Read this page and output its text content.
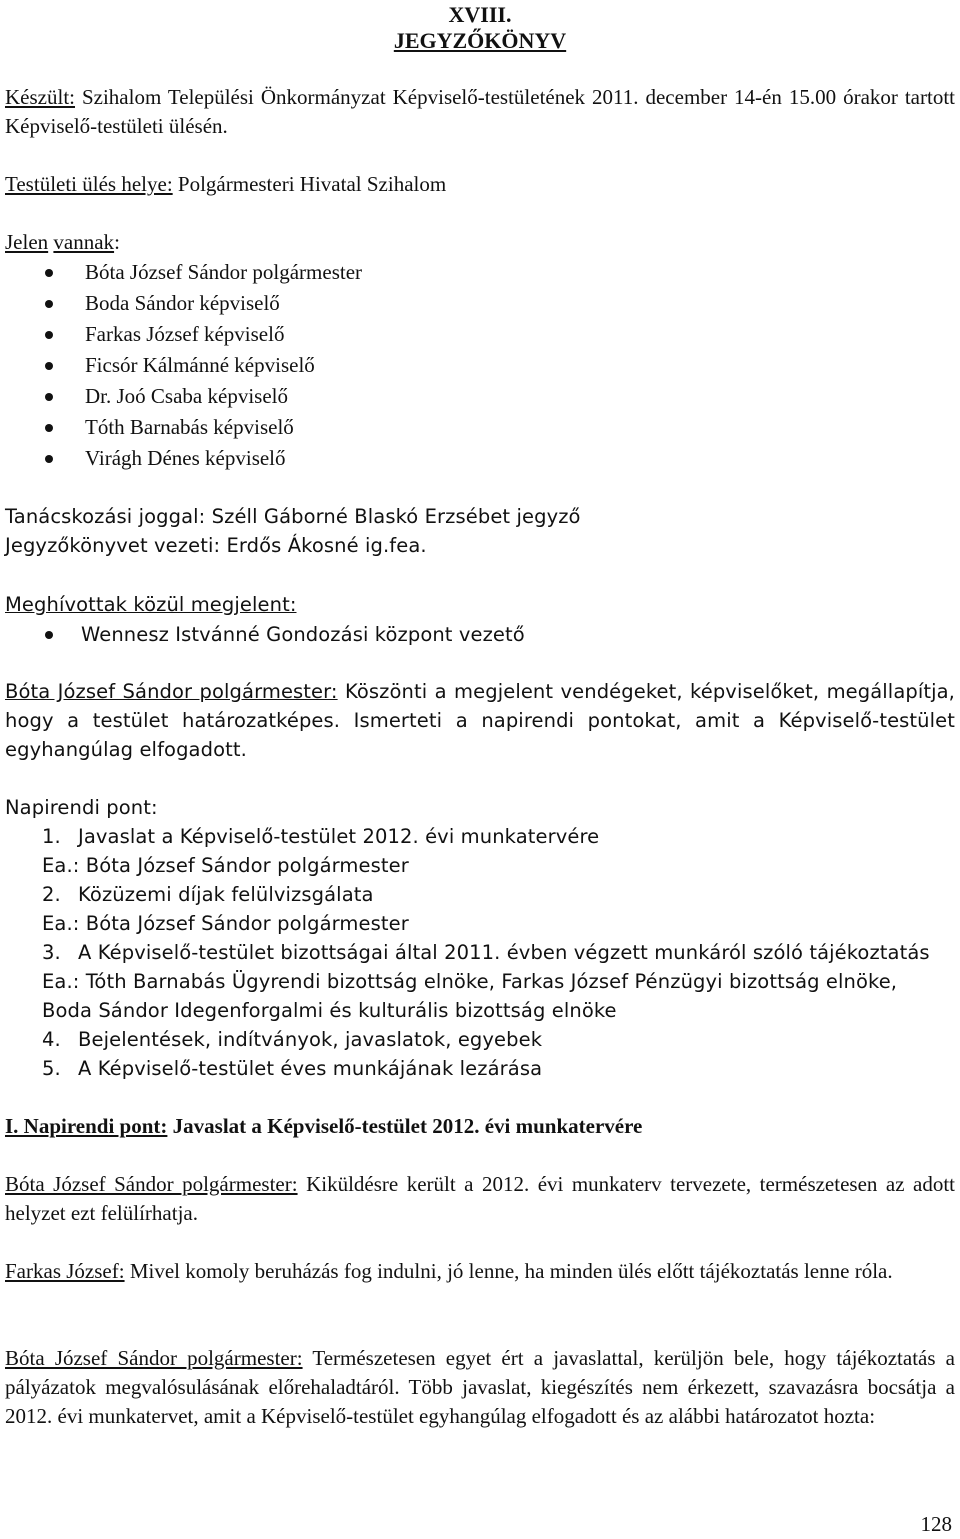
XVIII.
JEGYZŐKÖNYV
Készült: Szihalom Települési Önkormányzat Képviselő-testületének 2011. december 14-én 15.00 órakor tartott Képviselő-testületi ülésén.
Testületi ülés helye: Polgármesteri Hivatal Szihalom
Jelen vannak:
Bóta József Sándor polgármester
Boda Sándor képviselő
Farkas József képviselő
Ficsór Kálmánné képviselő
Dr. Joó Csaba képviselő
Tóth Barnabás képviselő
Virágh Dénes képviselő
Tanácskozási joggal: Széll Gáborné Blaskó Erzsébet jegyző
Jegyzőkönyvet vezeti: Erdős Ákosné ig.fea.
Meghívottak közül megjelent:
Wennesz Istvánné Gondozási központ vezető
Bóta József Sándor polgármester: Köszönti a megjelent vendégeket, képviselőket, megállapítja, hogy a testület határozatképes. Ismerteti a napirendi pontokat, amit a Képviselő-testület egyhangúlag elfogadott.
Napirendi pont:
1. Javaslat a Képviselő-testület 2012. évi munkatervére
Ea.: Bóta József Sándor polgármester
2. Közüzemi díjak felülvizsgálata
Ea.: Bóta József Sándor polgármester
3. A Képviselő-testület bizottságai által 2011. évben végzett munkáról szóló tájékoztatás
Ea.: Tóth Barnabás Ügyrendi bizottság elnöke, Farkas József Pénzügyi bizottság elnöke,
Boda Sándor Idegenforgalmi és kulturális bizottság elnöke
4. Bejelentések, indítványok, javaslatok, egyebek
5. A Képviselő-testület éves munkájának lezárása
I. Napirendi pont: Javaslat a Képviselő-testület 2012. évi munkatervére
Bóta József Sándor polgármester: Kiküldésre került a 2012. évi munkaterv tervezete, természetesen az adott helyzet ezt felülírhatja.
Farkas József: Mivel komoly beruházás fog indulni, jó lenne, ha minden ülés előtt tájékoztatás lenne róla.
Bóta József Sándor polgármester: Természetesen egyet ért a javaslattal, kerüljön bele, hogy tájékoztatás a pályázatok megvalósulásának előrehaladtáról. Több javaslat, kiegészítés nem érkezett, szavazásra bocsátja a 2012. évi munkatervet, amit a Képviselő-testület egyhangúlag elfogadott és az alábbi határozatot hozta:
128
